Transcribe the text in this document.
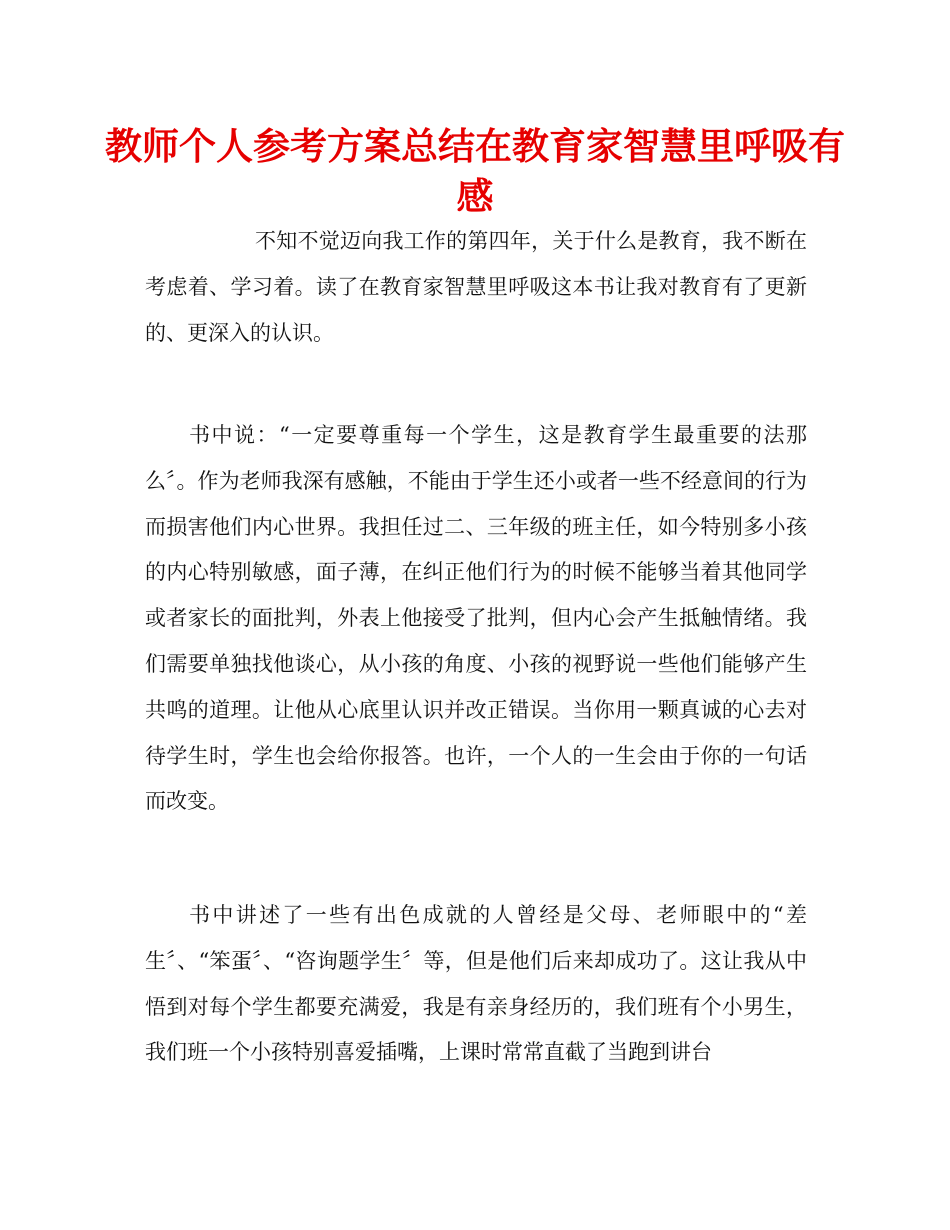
教师个人参考方案总结在教育家智慧里呼吸有感

不知不觉迈向我工作的第四年，关于什么是教育，我不断在考虑着、学习着。读了在教育家智慧里呼吸这本书让我对教育有了更新的、更深入的认识。

书中说：“一定要尊重每一个学生，这是教育学生最重要的法那么〞。作为老师我深有感触，不能由于学生还小或者一些不经意间的行为而损害他们内心世界。我担任过二、三年级的班主任，如今特别多小孩的内心特别敏感，面子薄，在纠正他们行为的时候不能够当着其他同学或者家长的面批判，外表上他接受了批判，但内心会产生抵触情绪。我们需要单独找他谈心，从小孩的角度、小孩的视野说一些他们能够产生共鸣的道理。让他从心底里认识并改正错误。当你用一颗真诚的心去对待学生时，学生也会给你报答。也许，一个人的一生会由于你的一句话而改变。

书中讲述了一些有出色成就的人曾经是父母、老师眼中的“差生〞、“笨蛋〞、“咨询题学生〞等，但是他们后来却成功了。这让我从中悟到对每个学生都要充满爱，我是有亲身经历的，我们班有个小男生，我们班一个小孩特别喜爱插嘴，上课时常常直截了当跑到讲台
